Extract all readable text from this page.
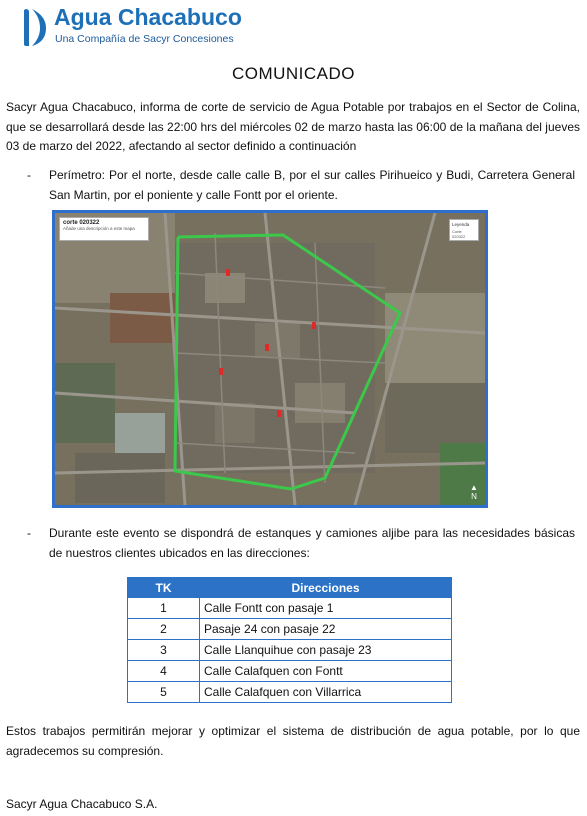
Agua Chacabuco
Una Compañía de Sacyr Concesiones
COMUNICADO
Sacyr Agua Chacabuco, informa de corte de servicio de Agua Potable por trabajos en el Sector de Colina, que se desarrollará desde las 22:00 hrs del miércoles 02 de marzo hasta las 06:00 de la mañana del jueves 03 de marzo del 2022, afectando al sector definido a continuación
- Perímetro: Por el norte, desde calle calle B, por el sur calles Pirihueico y Budi, Carretera General San Martin, por el poniente y calle Fontt por el oriente.
corte 020322
Añade una descripción a este mapa
Leyenda
Corte 020322
▲
N
- Durante este evento se dispondrá de estanques y camiones aljibe para las necesidades básicas de nuestros clientes ubicados en las direcciones:
TK	Direcciones
1	Calle Fontt con pasaje 1
2	Pasaje 24 con pasaje 22
3	Calle Llanquihue con pasaje 23
4	Calle Calafquen con Fontt
5	Calle Calafquen con Villarrica
Estos trabajos permitirán mejorar y optimizar el sistema de distribución de agua potable, por lo que agradecemos su compresión.
Sacyr Agua Chacabuco S.A.
